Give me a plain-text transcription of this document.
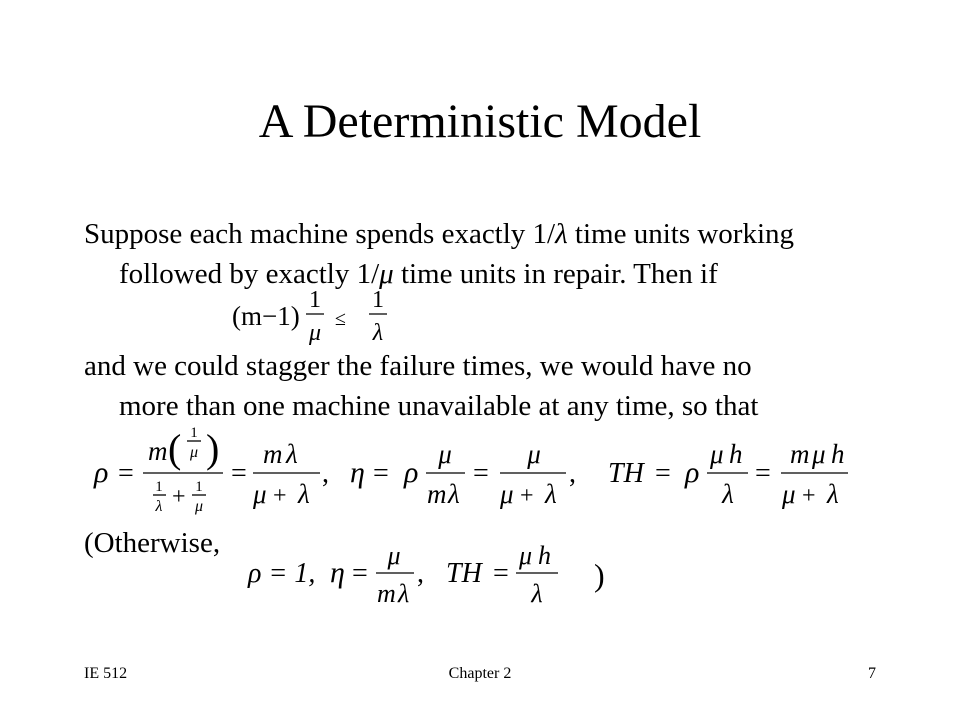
A Deterministic Model

Suppose each machine spends exactly 1/λ time units working
followed by exactly 1/μ time units in repair. Then if

(m−1)
1
μ
≤
1
λ

and we could stagger the failure times, we would have no
more than one machine unavailable at any time, so that

ρ =
m ( 1
μ )
1
λ + 1
μ
=
m λ
μ + λ
, η = ρ
μ
m λ
=
μ
μ + λ
, TH = ρ
μ h
λ
=
m μ h
μ + λ

(Otherwise,

ρ = 1, η =
μ
m λ
, TH =
μ h
λ
)
IE 512	Chapter 2	7
